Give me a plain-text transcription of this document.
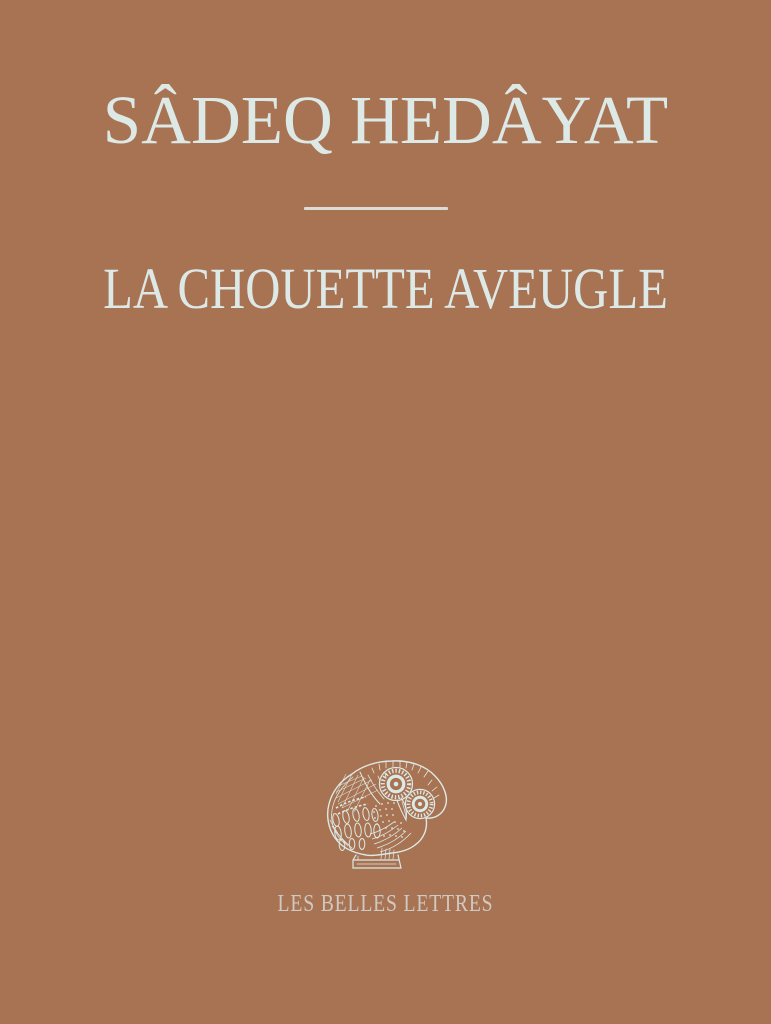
SÂDEQ HEDÂYAT
LA CHOUETTE AVEUGLE
LES BELLES LETTRES
